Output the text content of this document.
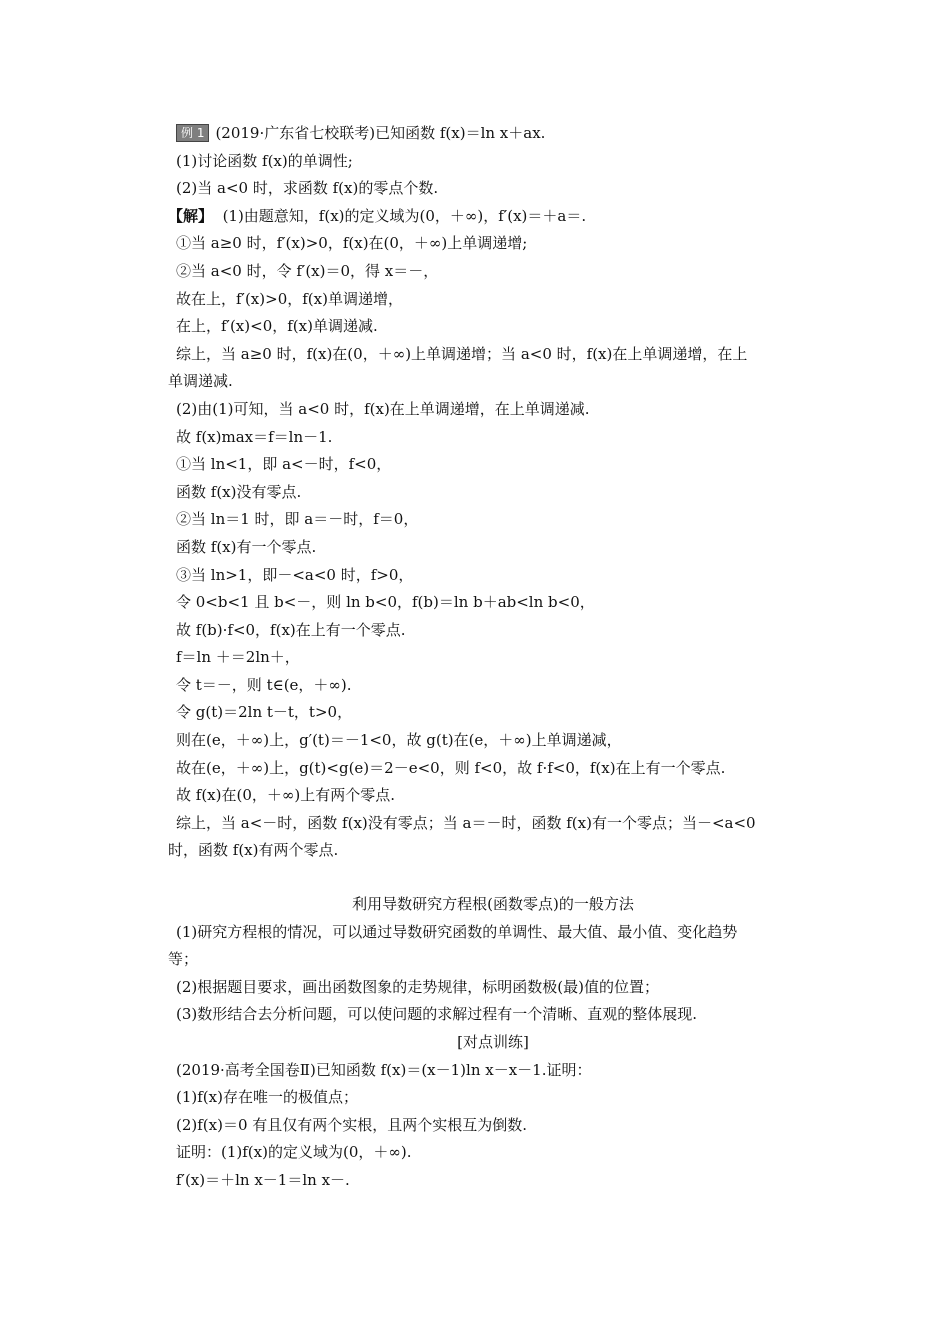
例 1 (2019·广东省七校联考)已知函数 f(x)＝ln x＋ax.
(1)讨论函数 f(x)的单调性;
(2)当 a<0 时，求函数 f(x)的零点个数.
【解】 (1)由题意知，f(x)的定义域为(0，＋∞)，f′(x)＝＋a＝.
①当 a≥0 时，f′(x)>0，f(x)在(0，＋∞)上单调递增;
②当 a<0 时，令 f′(x)＝0，得 x＝－，
故在上，f′(x)>0，f(x)单调递增，
在上，f′(x)<0，f(x)单调递减.
综上，当 a≥0 时，f(x)在(0，＋∞)上单调递增；当 a<0 时，f(x)在上单调递增，在上
单调递减.
(2)由(1)可知，当 a<0 时，f(x)在上单调递增，在上单调递减.
故 f(x)max＝f＝ln－1.
①当 ln<1，即 a<－时，f<0，
函数 f(x)没有零点.
②当 ln＝1 时，即 a＝－时，f＝0，
函数 f(x)有一个零点.
③当 ln>1，即－<a<0 时，f>0，
令 0<b<1 且 b<－，则 ln b<0，f(b)＝ln b＋ab<ln b<0，
故 f(b)·f<0，f(x)在上有一个零点.
f＝ln ＋＝2ln＋，
令 t＝－，则 t∈(e，＋∞).
令 g(t)＝2ln t－t，t>0，
则在(e，＋∞)上，g′(t)＝－1<0，故 g(t)在(e，＋∞)上单调递减，
故在(e，＋∞)上，g(t)<g(e)＝2－e<0，则 f<0，故 f·f<0，f(x)在上有一个零点.
故 f(x)在(0，＋∞)上有两个零点.
综上，当 a<－时，函数 f(x)没有零点；当 a＝－时，函数 f(x)有一个零点；当－<a<0
时，函数 f(x)有两个零点.
利用导数研究方程根(函数零点)的一般方法
(1)研究方程根的情况，可以通过导数研究函数的单调性、最大值、最小值、变化趋势
等；
(2)根据题目要求，画出函数图象的走势规律，标明函数极(最)值的位置；
(3)数形结合去分析问题，可以使问题的求解过程有一个清晰、直观的整体展现.
[对点训练]
(2019·高考全国卷Ⅱ)已知函数 f(x)＝(x－1)ln x－x－1.证明：
(1)f(x)存在唯一的极值点；
(2)f(x)＝0 有且仅有两个实根，且两个实根互为倒数.
证明：(1)f(x)的定义域为(0，＋∞).
f′(x)＝＋ln x－1＝ln x－.
